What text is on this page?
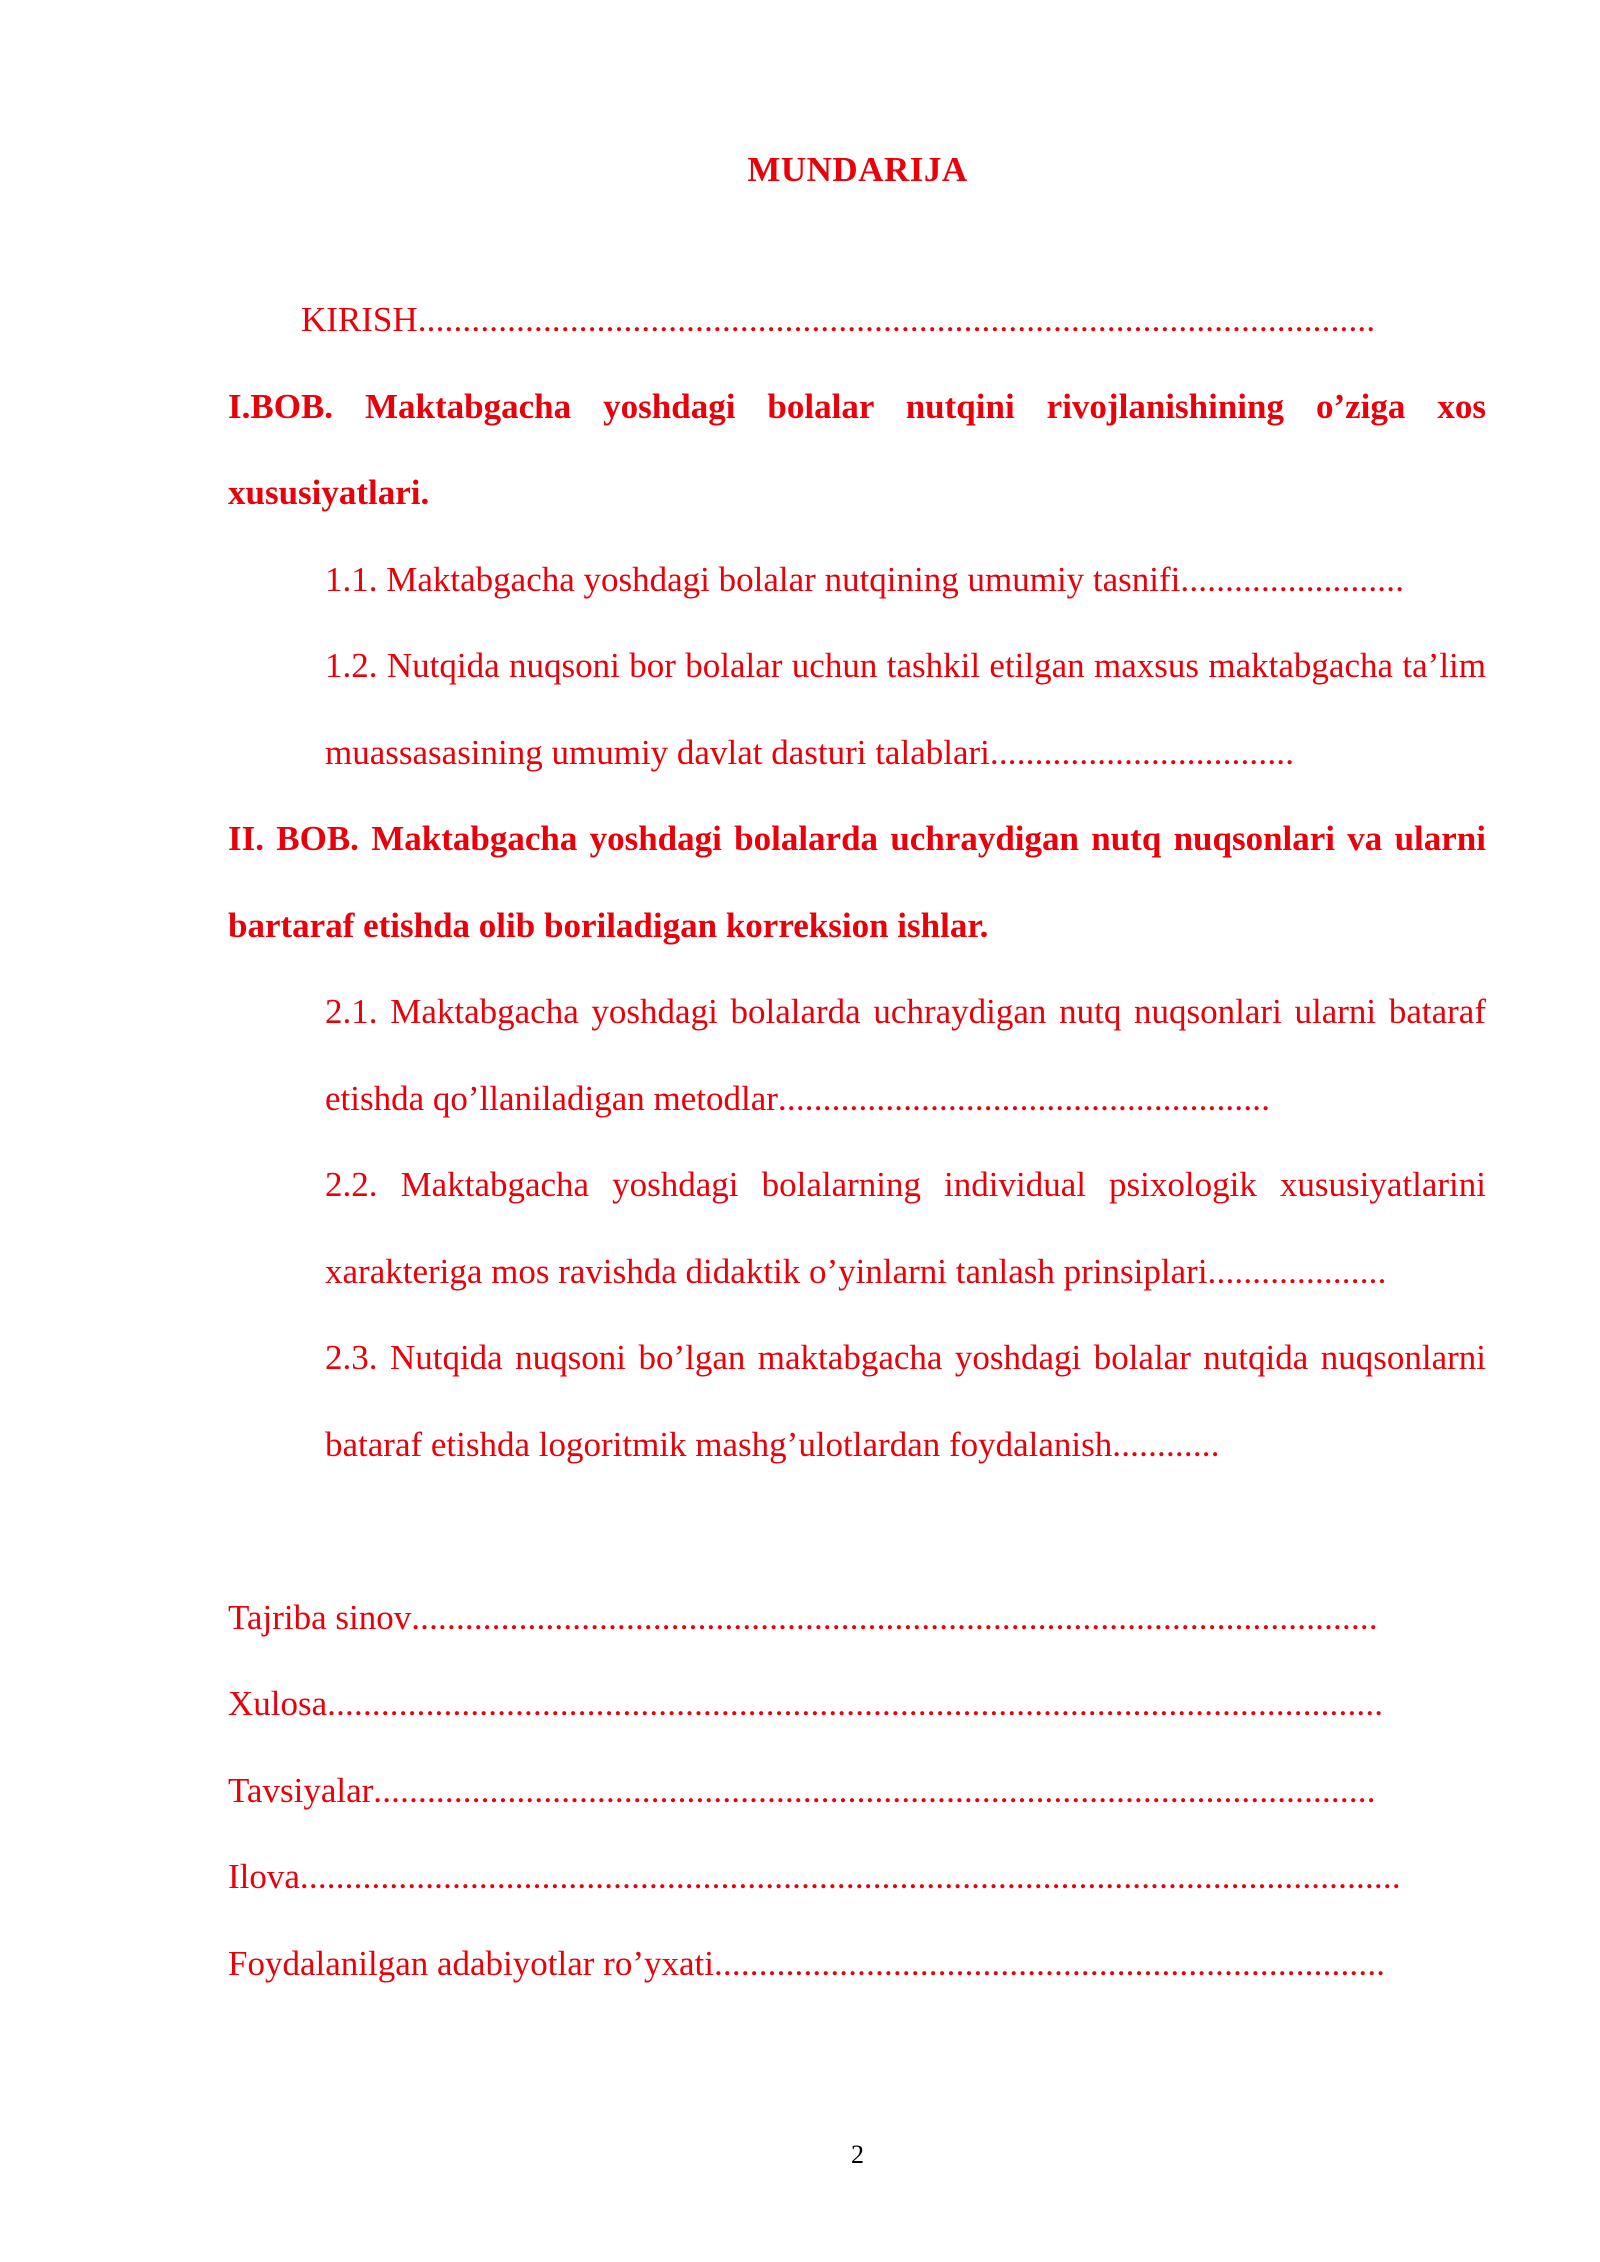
MUNDARIJA

KIRISH...........................................................................................................

I.BOB. Maktabgacha yoshdagi bolalar nutqini rivojlanishining o’ziga xos xususiyatlari.

1.1. Maktabgacha yoshdagi bolalar nutqining umumiy tasnifi.........................

1.2. Nutqida nuqsoni bor bolalar uchun tashkil etilgan maxsus maktabgacha ta’lim muassasasining umumiy davlat dasturi talablari..................................

II. BOB. Maktabgacha yoshdagi bolalarda uchraydigan nutq nuqsonlari va ularni bartaraf etishda olib boriladigan korreksion ishlar.

2.1. Maktabgacha yoshdagi bolalarda uchraydigan nutq nuqsonlari ularni bataraf etishda qo’llaniladigan metodlar.......................................................

2.2. Maktabgacha yoshdagi bolalarning individual psixologik xususiyatlarini xarakteriga mos ravishda didaktik o’yinlarni tanlash prinsiplari....................

2.3. Nutqida nuqsoni bo’lgan maktabgacha yoshdagi bolalar nutqida nuqsonlarni bataraf etishda logoritmik mashg’ulotlardan foydalanish............

Tajriba sinov............................................................................................................

Xulosa......................................................................................................................

Tavsiyalar................................................................................................................

Ilova...........................................................................................................................

Foydalanilgan adabiyotlar ro’yxati...........................................................................

2
